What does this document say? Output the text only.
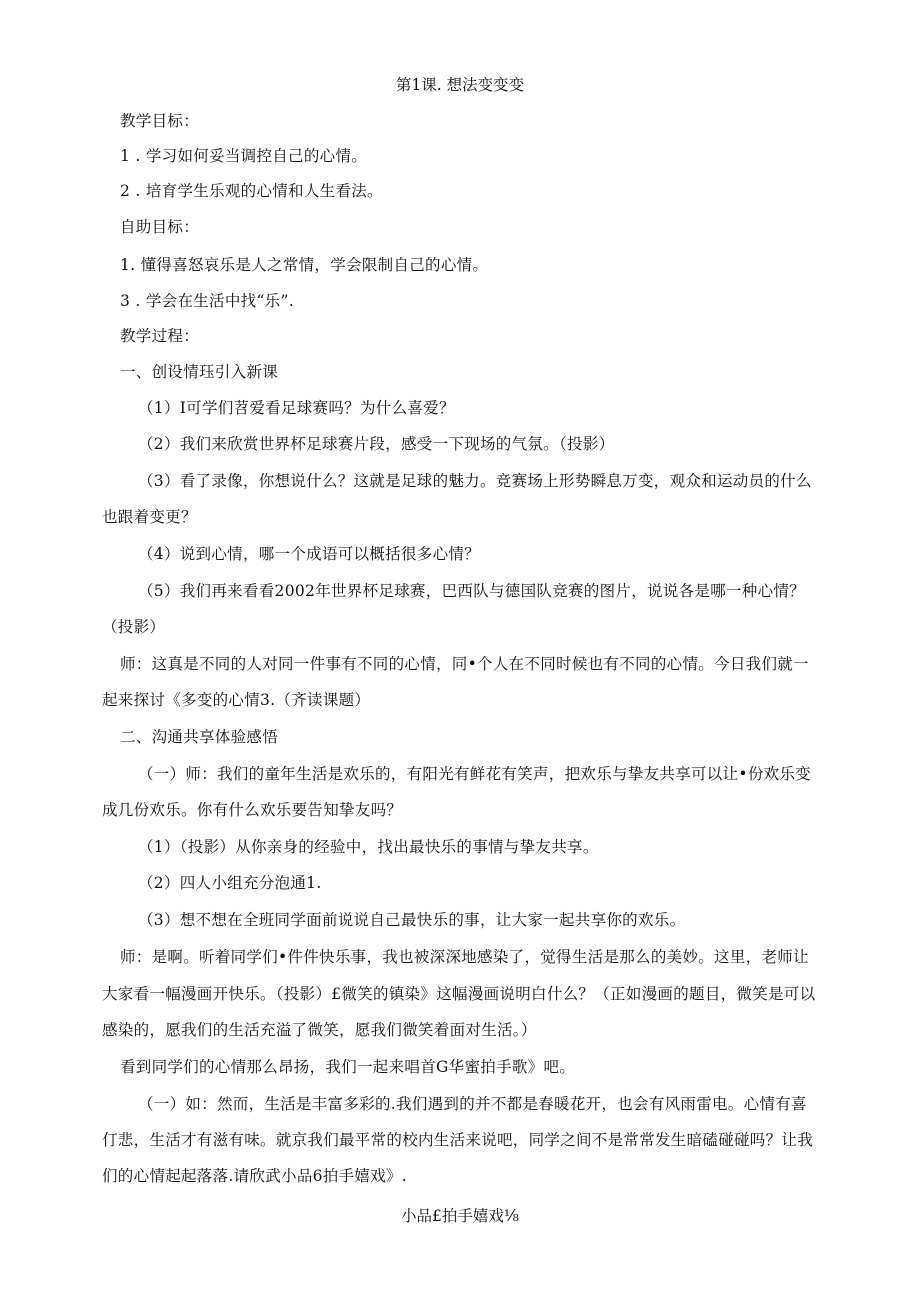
第1课. 想法变变变
教学目标：
1 . 学习如何妥当调控自己的心情。
2 . 培育学生乐观的心情和人生看法。
自助目标：
1. 懂得喜怒哀乐是人之常情，学会限制自己的心情。
3 . 学会在生活中找“乐”.
教学过程：
一、创设情珏引入新课
（1）I可学们苕爱看足球赛吗？为什么喜爱？
（2）我们来欣赏世界杯足球赛片段，感受一下现场的气氛。（投影）
（3）看了录像，你想说什么？这就是足球的魅力。竞赛场上形势瞬息万变，观众和运动员的什么
也跟着变更？
（4）说到心情，哪一个成语可以概括很多心情？
（5）我们再来看看2002年世界杯足球赛，巴西队与德国队竞赛的图片，说说各是哪一种心情？
（投影）
师：这真是不同的人对同一件事有不同的心情，同•个人在不同时候也有不同的心情。今日我们就一
起来探讨《多变的心情3.（齐读课题）
二、沟通共享体验感悟
（一）师：我们的童年生活是欢乐的，有阳光有鲜花有笑声，把欢乐与挚友共享可以让•份欢乐变
成几份欢乐。你有什么欢乐要告知挚友吗？
（1）（投影）从你亲身的经验中，找出最快乐的事情与挚友共享。
（2）四人小组充分泡通1.
（3）想不想在全班同学面前说说自己最快乐的事，让大家一起共享你的欢乐。
师：是啊。听着同学们•件件快乐事，我也被深深地感染了，觉得生活是那么的美妙。这里，老师让
大家看一幅漫画开快乐。（投影）£微笑的镇染》这幅漫画说明白什么？（正如漫画的题目，微笑是可以
感染的，愿我们的生活充溢了微笑，愿我们微笑着面对生活。）
看到同学们的心情那么昂扬，我们一起来唱首G华蜜拍手歌》吧。
（一）如：然而，生活是丰富多彩的.我们遇到的并不都是春暖花开，也会有风雨雷电。心情有喜
仃悲，生活才有滋有味。就京我们最平常的校内生活来说吧，同学之间不是常常发生暗磕碰碰吗？让我
们的心情起起落落.请欣武小品6拍手嬉戏》.
小品£拍手嬉戏⅛
